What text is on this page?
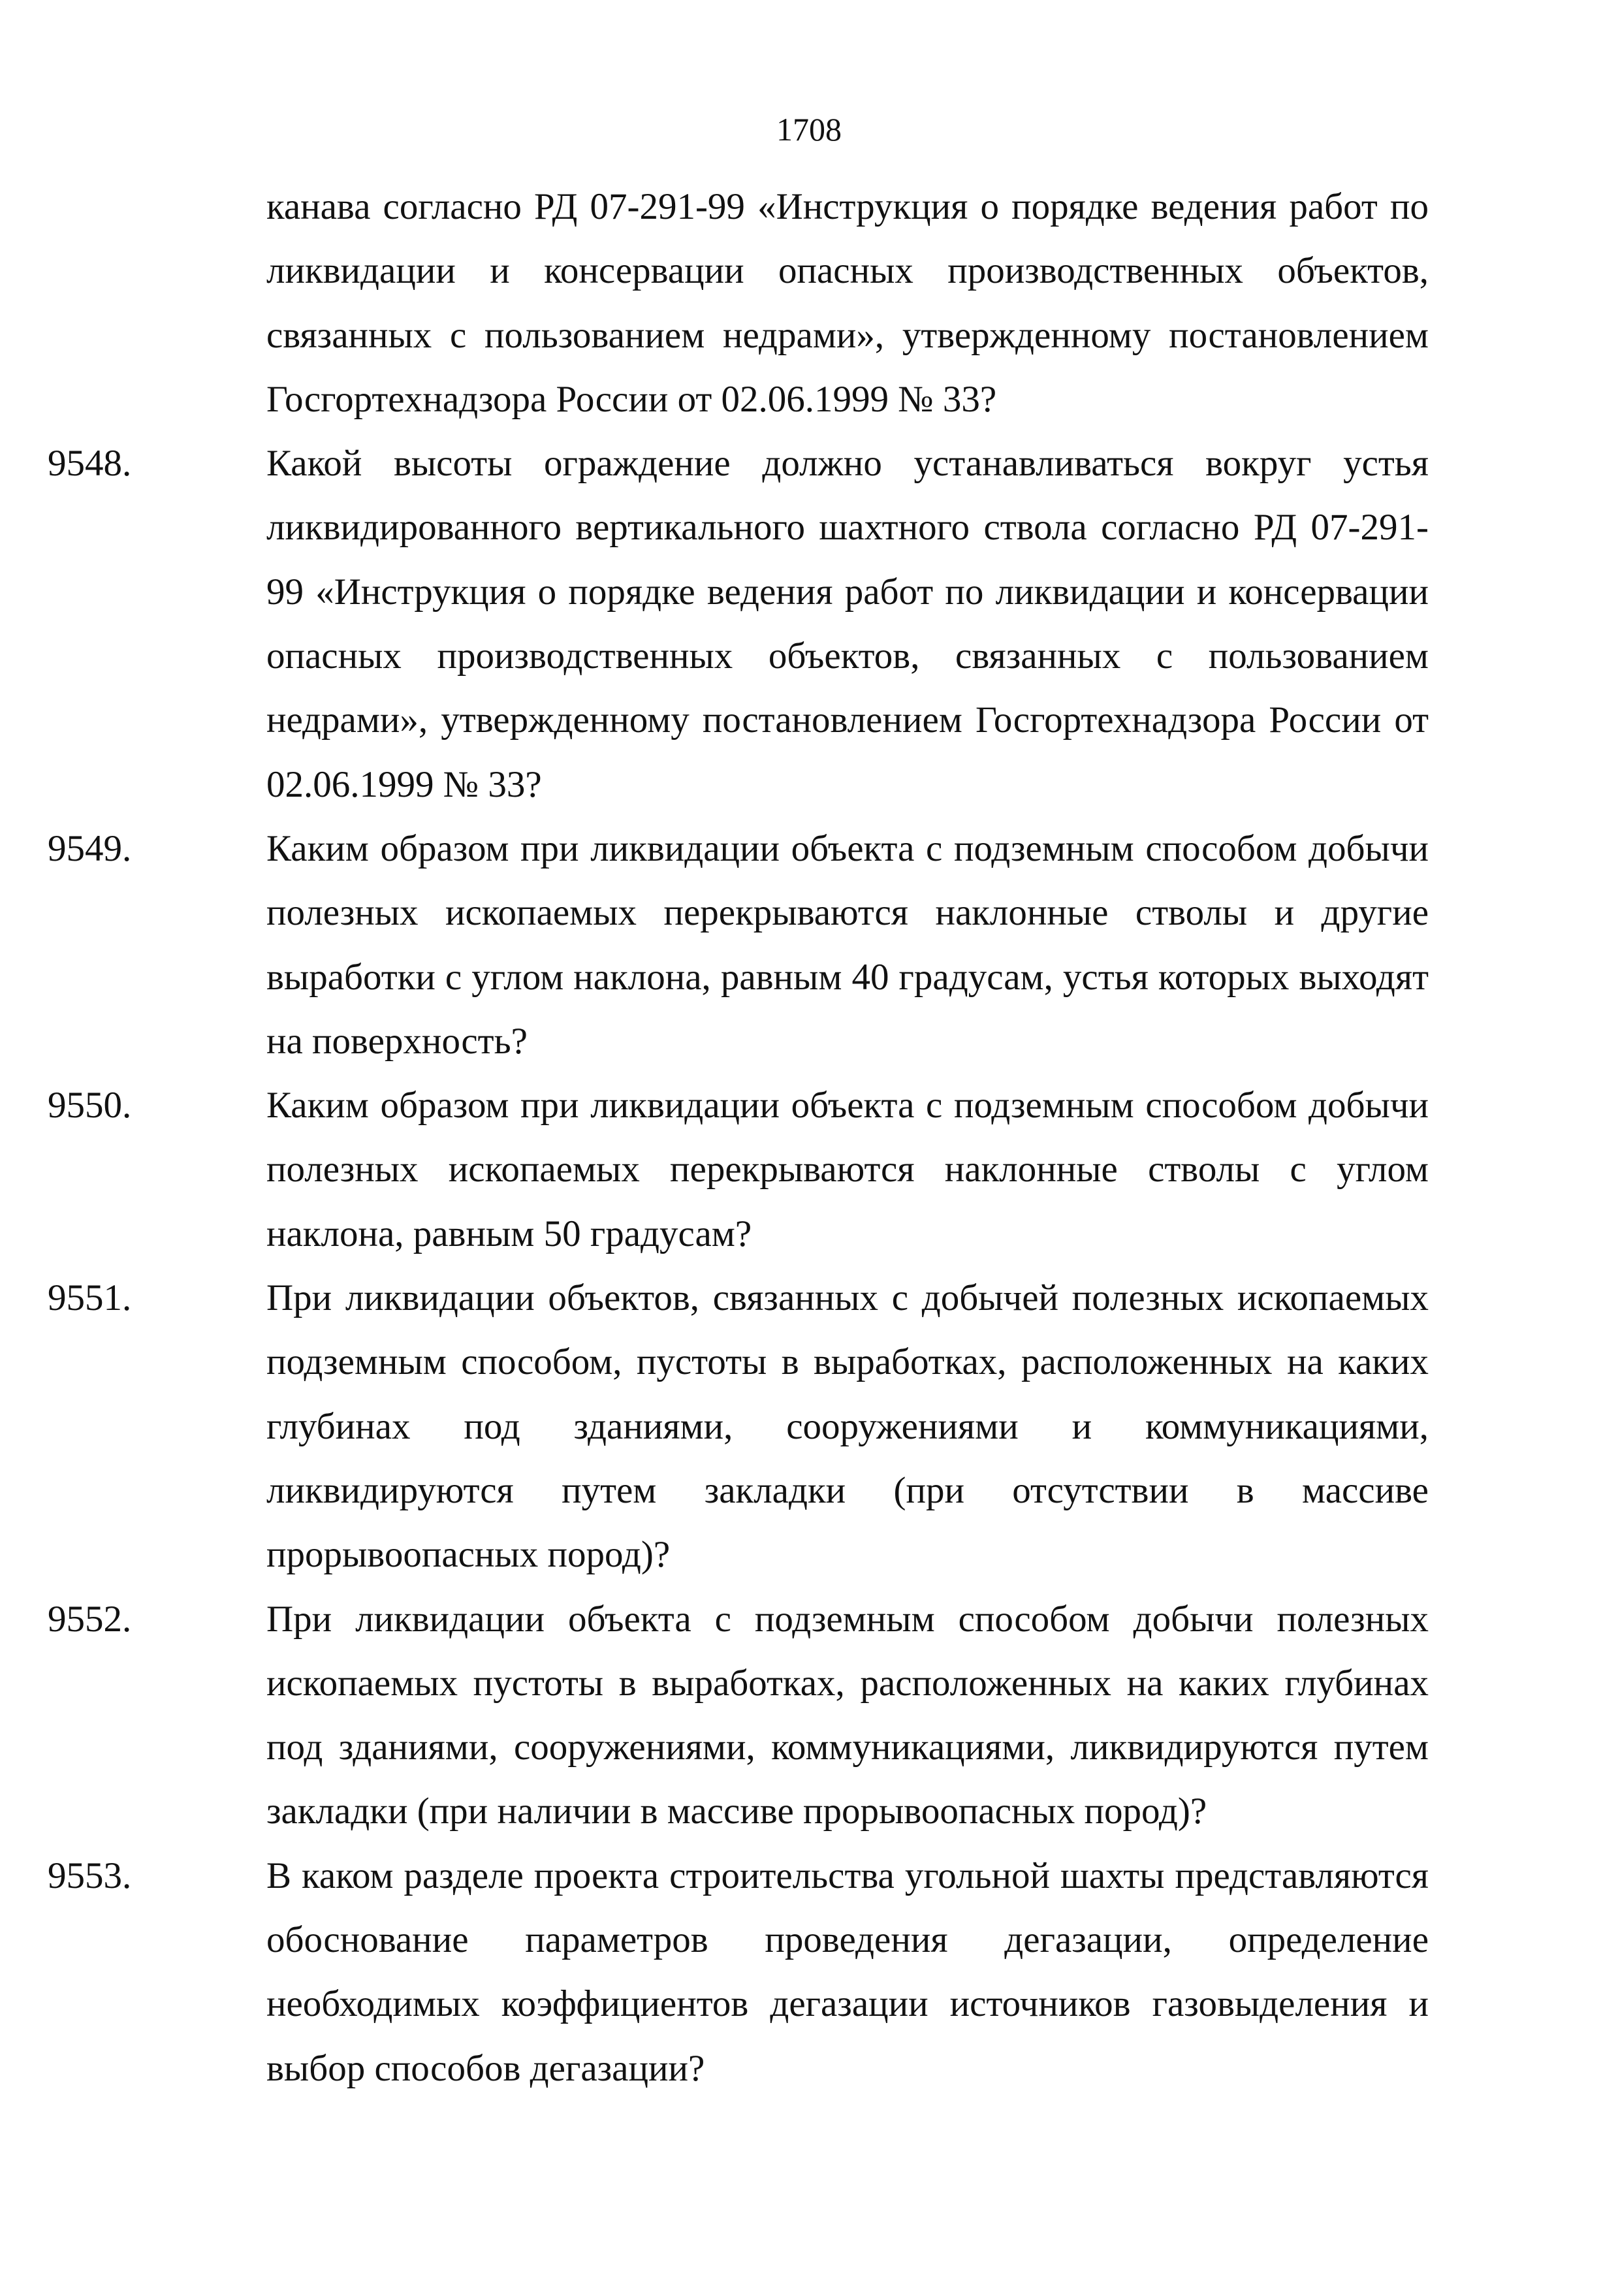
1708

канава согласно РД 07-291-99 «Инструкция о порядке ведения работ по ликвидации и консервации опасных производственных объектов, связанных с пользованием недрами», утвержденному постановлением Госгортехнадзора России от 02.06.1999 № 33?

9548.	Какой высоты ограждение должно устанавливаться вокруг устья ликвидированного вертикального шахтного ствола согласно РД 07-291-99 «Инструкция о порядке ведения работ по ликвидации и консервации опасных производственных объектов, связанных с пользованием недрами», утвержденному постановлением Госгортехнадзора России от 02.06.1999 № 33?

9549.	Каким образом при ликвидации объекта с подземным способом добычи полезных ископаемых перекрываются наклонные стволы и другие выработки с углом наклона, равным 40 градусам, устья которых выходят на поверхность?

9550.	Каким образом при ликвидации объекта с подземным способом добычи полезных ископаемых перекрываются наклонные стволы с углом наклона, равным 50 градусам?

9551.	При ликвидации объектов, связанных с добычей полезных ископаемых подземным способом, пустоты в выработках, расположенных на каких глубинах под зданиями, сооружениями и коммуникациями, ликвидируются путем закладки (при отсутствии в массиве прорывоопасных пород)?

9552.	При ликвидации объекта с подземным способом добычи полезных ископаемых пустоты в выработках, расположенных на каких глубинах под зданиями, сооружениями, коммуникациями, ликвидируются путем закладки (при наличии в массиве прорывоопасных пород)?

9553.	В каком разделе проекта строительства угольной шахты представляются обоснование параметров проведения дегазации, определение необходимых коэффициентов дегазации источников газовыделения и выбор способов дегазации?
